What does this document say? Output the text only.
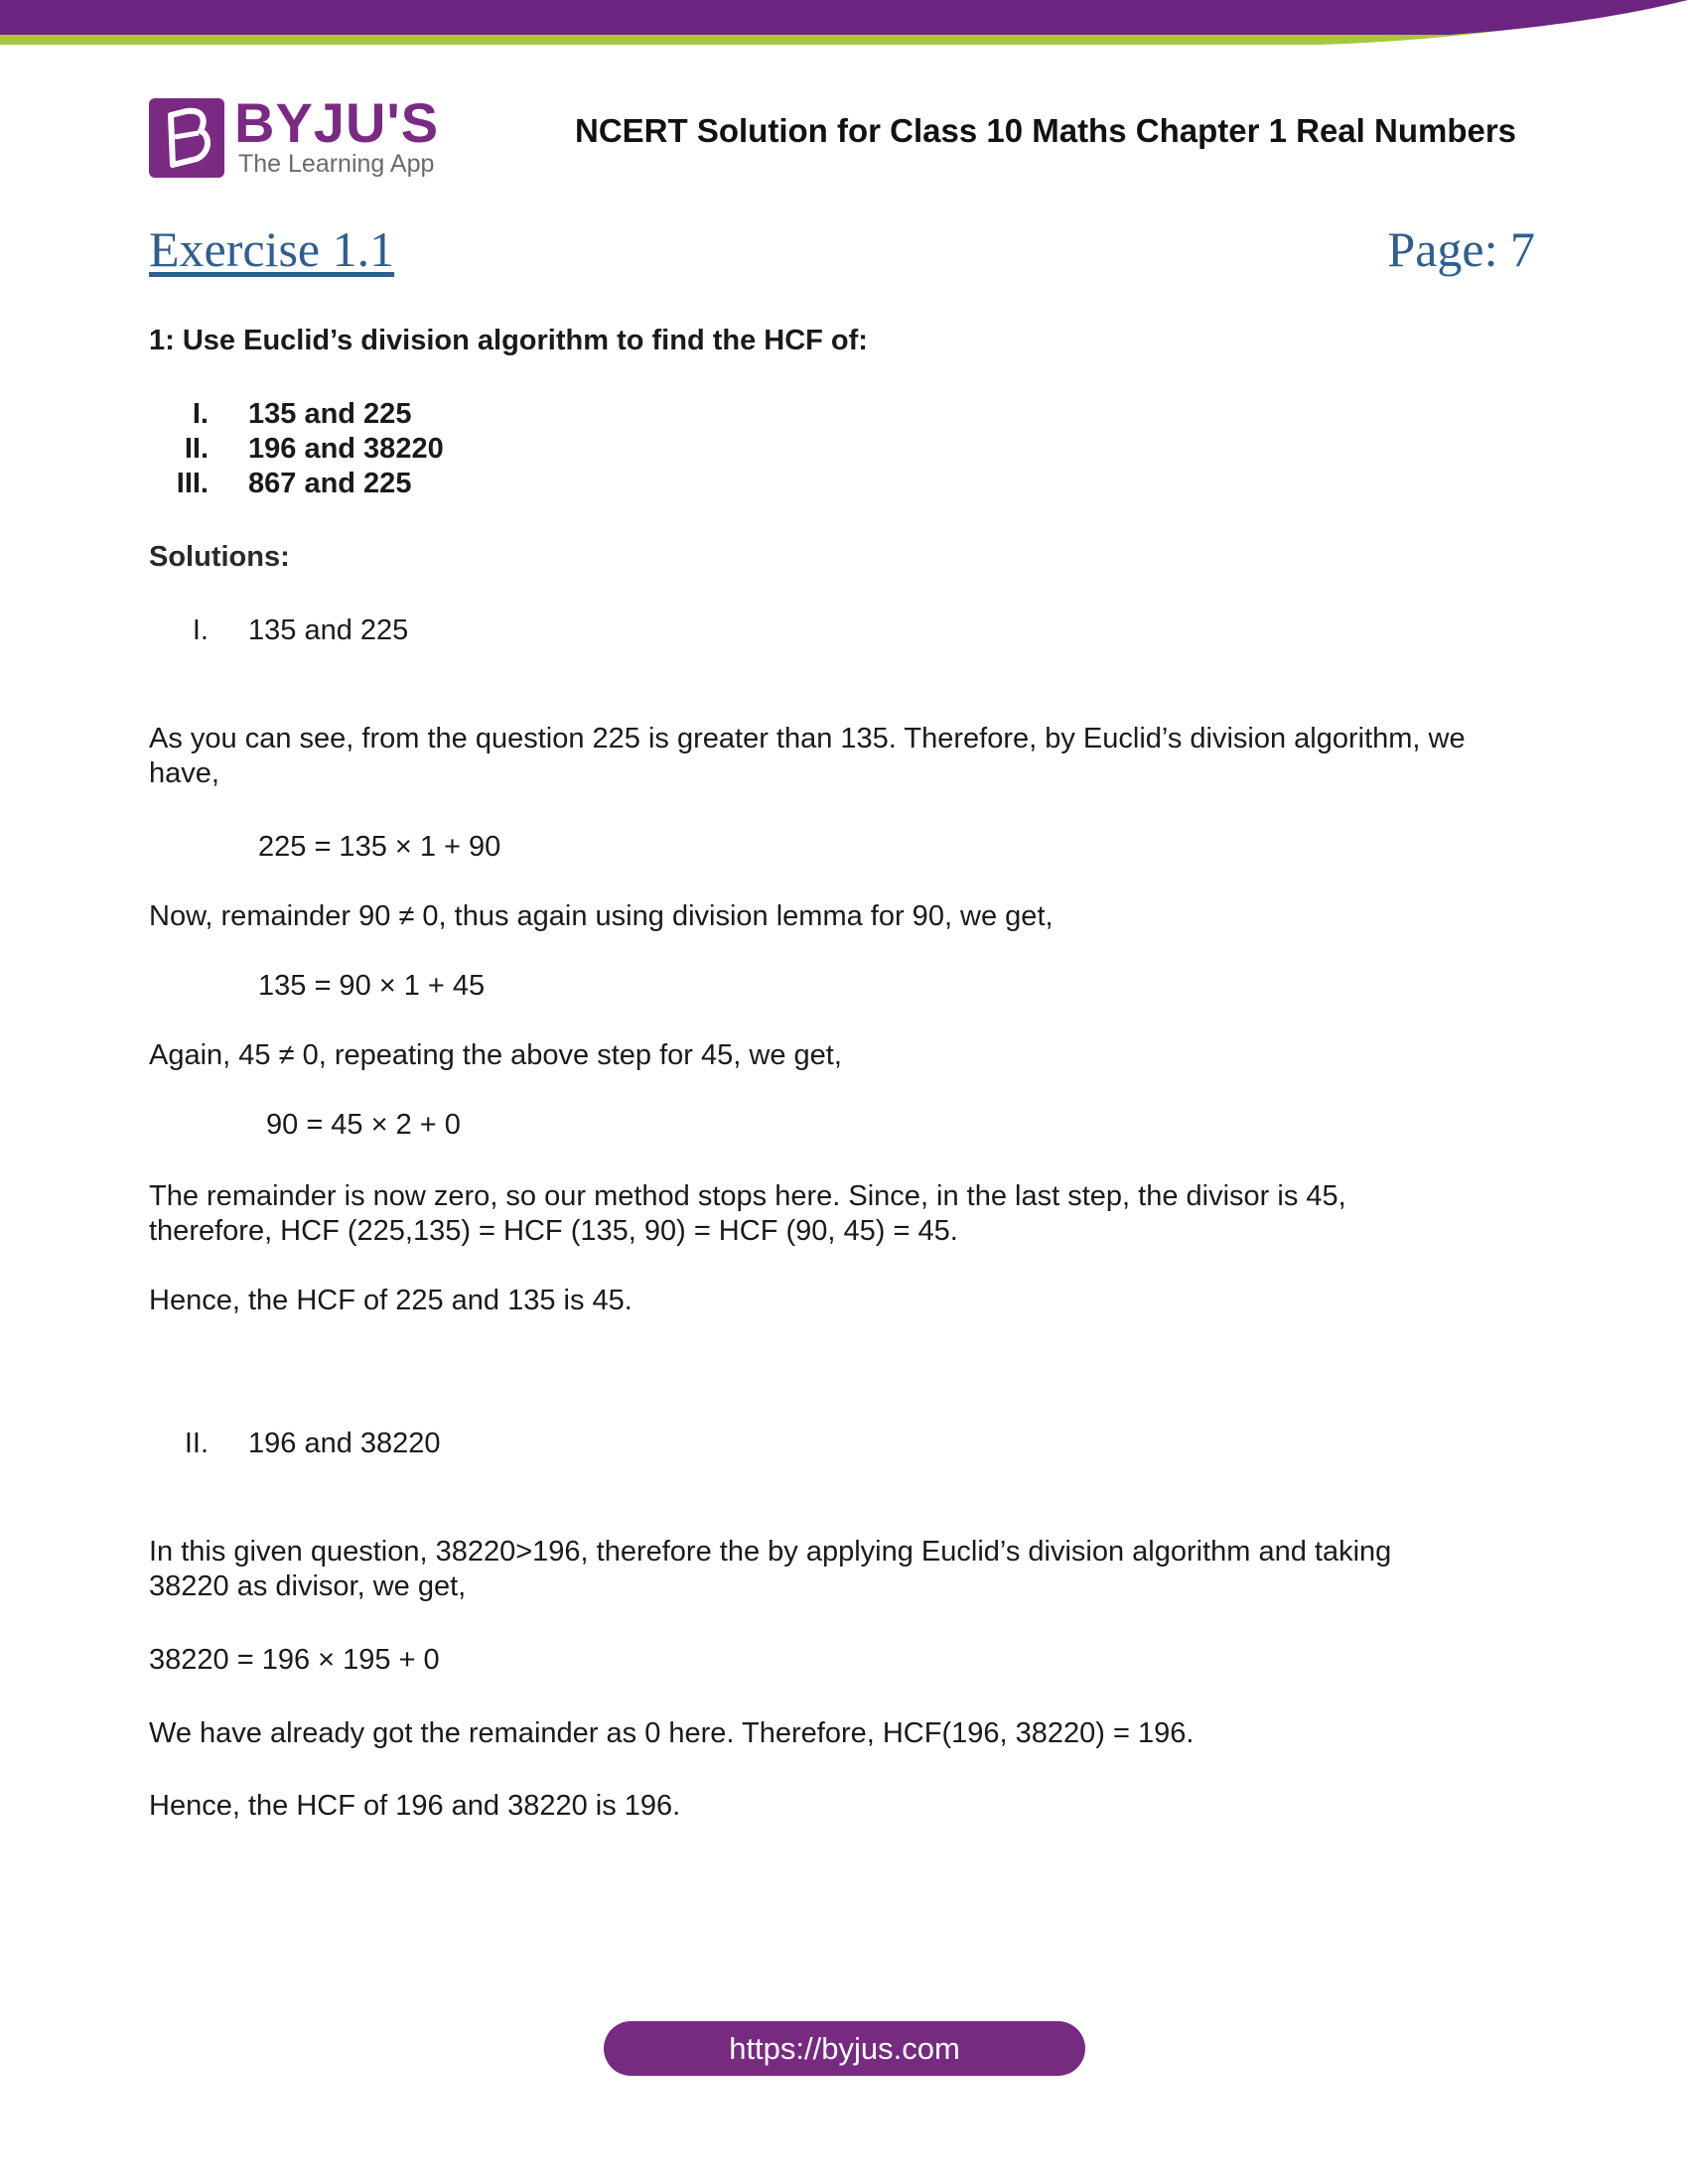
BYJU'S
The Learning App
NCERT Solution for Class 10 Maths Chapter 1 Real Numbers
Exercise 1.1	Page: 7
1: Use Euclid’s division algorithm to find the HCF of:
I. 135 and 225
II. 196 and 38220
III. 867 and 225
Solutions:
I. 135 and 225
As you can see, from the question 225 is greater than 135. Therefore, by Euclid’s division algorithm, we
have,
225 = 135 × 1 + 90
Now, remainder 90 ≠ 0, thus again using division lemma for 90, we get,
135 = 90 × 1 + 45
Again, 45 ≠ 0, repeating the above step for 45, we get,
90 = 45 × 2 + 0
The remainder is now zero, so our method stops here. Since, in the last step, the divisor is 45,
therefore, HCF (225,135) = HCF (135, 90) = HCF (90, 45) = 45.
Hence, the HCF of 225 and 135 is 45.
II. 196 and 38220
In this given question, 38220>196, therefore the by applying Euclid’s division algorithm and taking
38220 as divisor, we get,
38220 = 196 × 195 + 0
We have already got the remainder as 0 here. Therefore, HCF(196, 38220) = 196.
Hence, the HCF of 196 and 38220 is 196.
https://byjus.com
